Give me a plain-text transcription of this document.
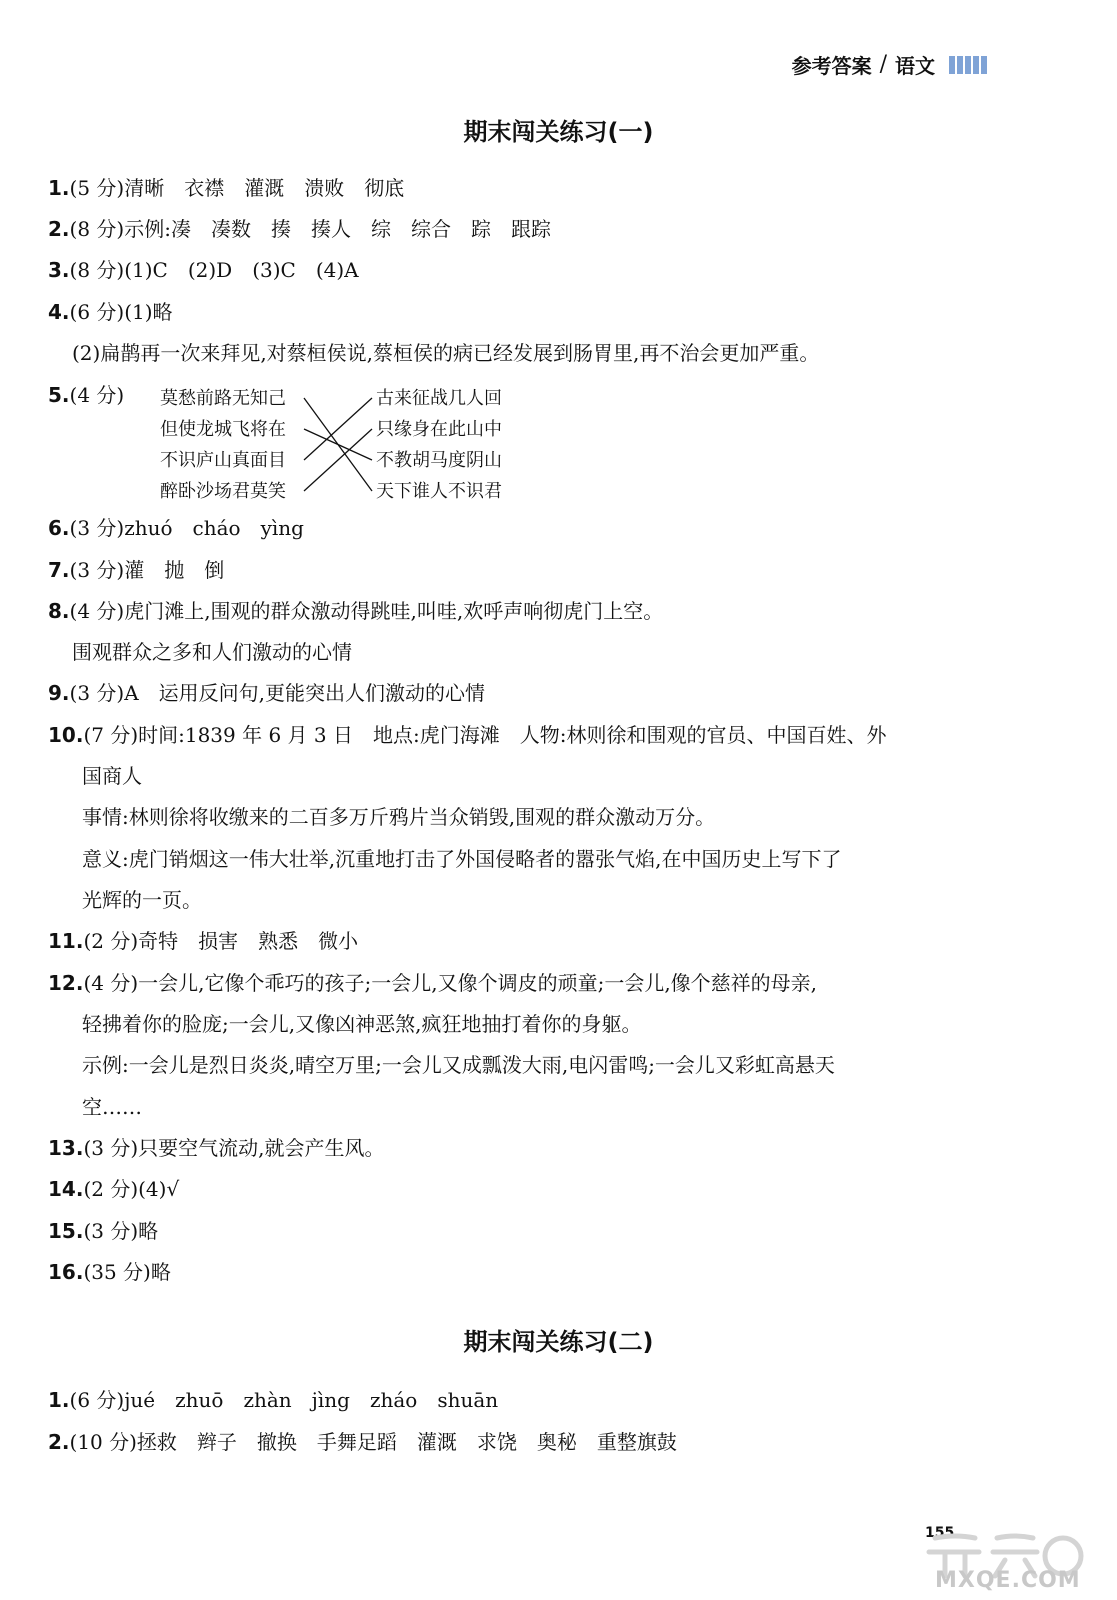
参考答案 / 语文
期末闯关练习(一)
1.(5 分)清晰　衣襟　灌溉　溃败　彻底
2.(8 分)示例:凑　凑数　揍　揍人　综　综合　踪　跟踪
3.(8 分)(1)C　(2)D　(3)C　(4)A
4.(6 分)(1)略
(2)扁鹊再一次来拜见,对蔡桓侯说,蔡桓侯的病已经发展到肠胃里,再不治会更加严重。
5.(4 分) 莫愁前路无知己
但使龙城飞将在
不识庐山真面目
醉卧沙场君莫笑
古来征战几人回
只缘身在此山中
不教胡马度阴山
天下谁人不识君
6.(3 分)zhuó　cháo　yìng
7.(3 分)灌　抛　倒
8.(4 分)虎门滩上,围观的群众激动得跳哇,叫哇,欢呼声响彻虎门上空。
围观群众之多和人们激动的心情
9.(3 分)A　运用反问句,更能突出人们激动的心情
10.(7 分)时间:1839 年 6 月 3 日　地点:虎门海滩　人物:林则徐和围观的官员、中国百姓、外
国商人
事情:林则徐将收缴来的二百多万斤鸦片当众销毁,围观的群众激动万分。
意义:虎门销烟这一伟大壮举,沉重地打击了外国侵略者的嚣张气焰,在中国历史上写下了
光辉的一页。
11.(2 分)奇特　损害　熟悉　微小
12.(4 分)一会儿,它像个乖巧的孩子;一会儿,又像个调皮的顽童;一会儿,像个慈祥的母亲,
轻拂着你的脸庞;一会儿,又像凶神恶煞,疯狂地抽打着你的身躯。
示例:一会儿是烈日炎炎,晴空万里;一会儿又成瓢泼大雨,电闪雷鸣;一会儿又彩虹高悬天
空……
13.(3 分)只要空气流动,就会产生风。
14.(2 分)(4)√
15.(3 分)略
16.(35 分)略
期末闯关练习(二)
1.(6 分)jué　zhuō　zhàn　jìng　zháo　shuān
2.(10 分)拯救　辫子　撤换　手舞足蹈　灌溉　求饶　奥秘　重整旗鼓
155
MXQE.COM
